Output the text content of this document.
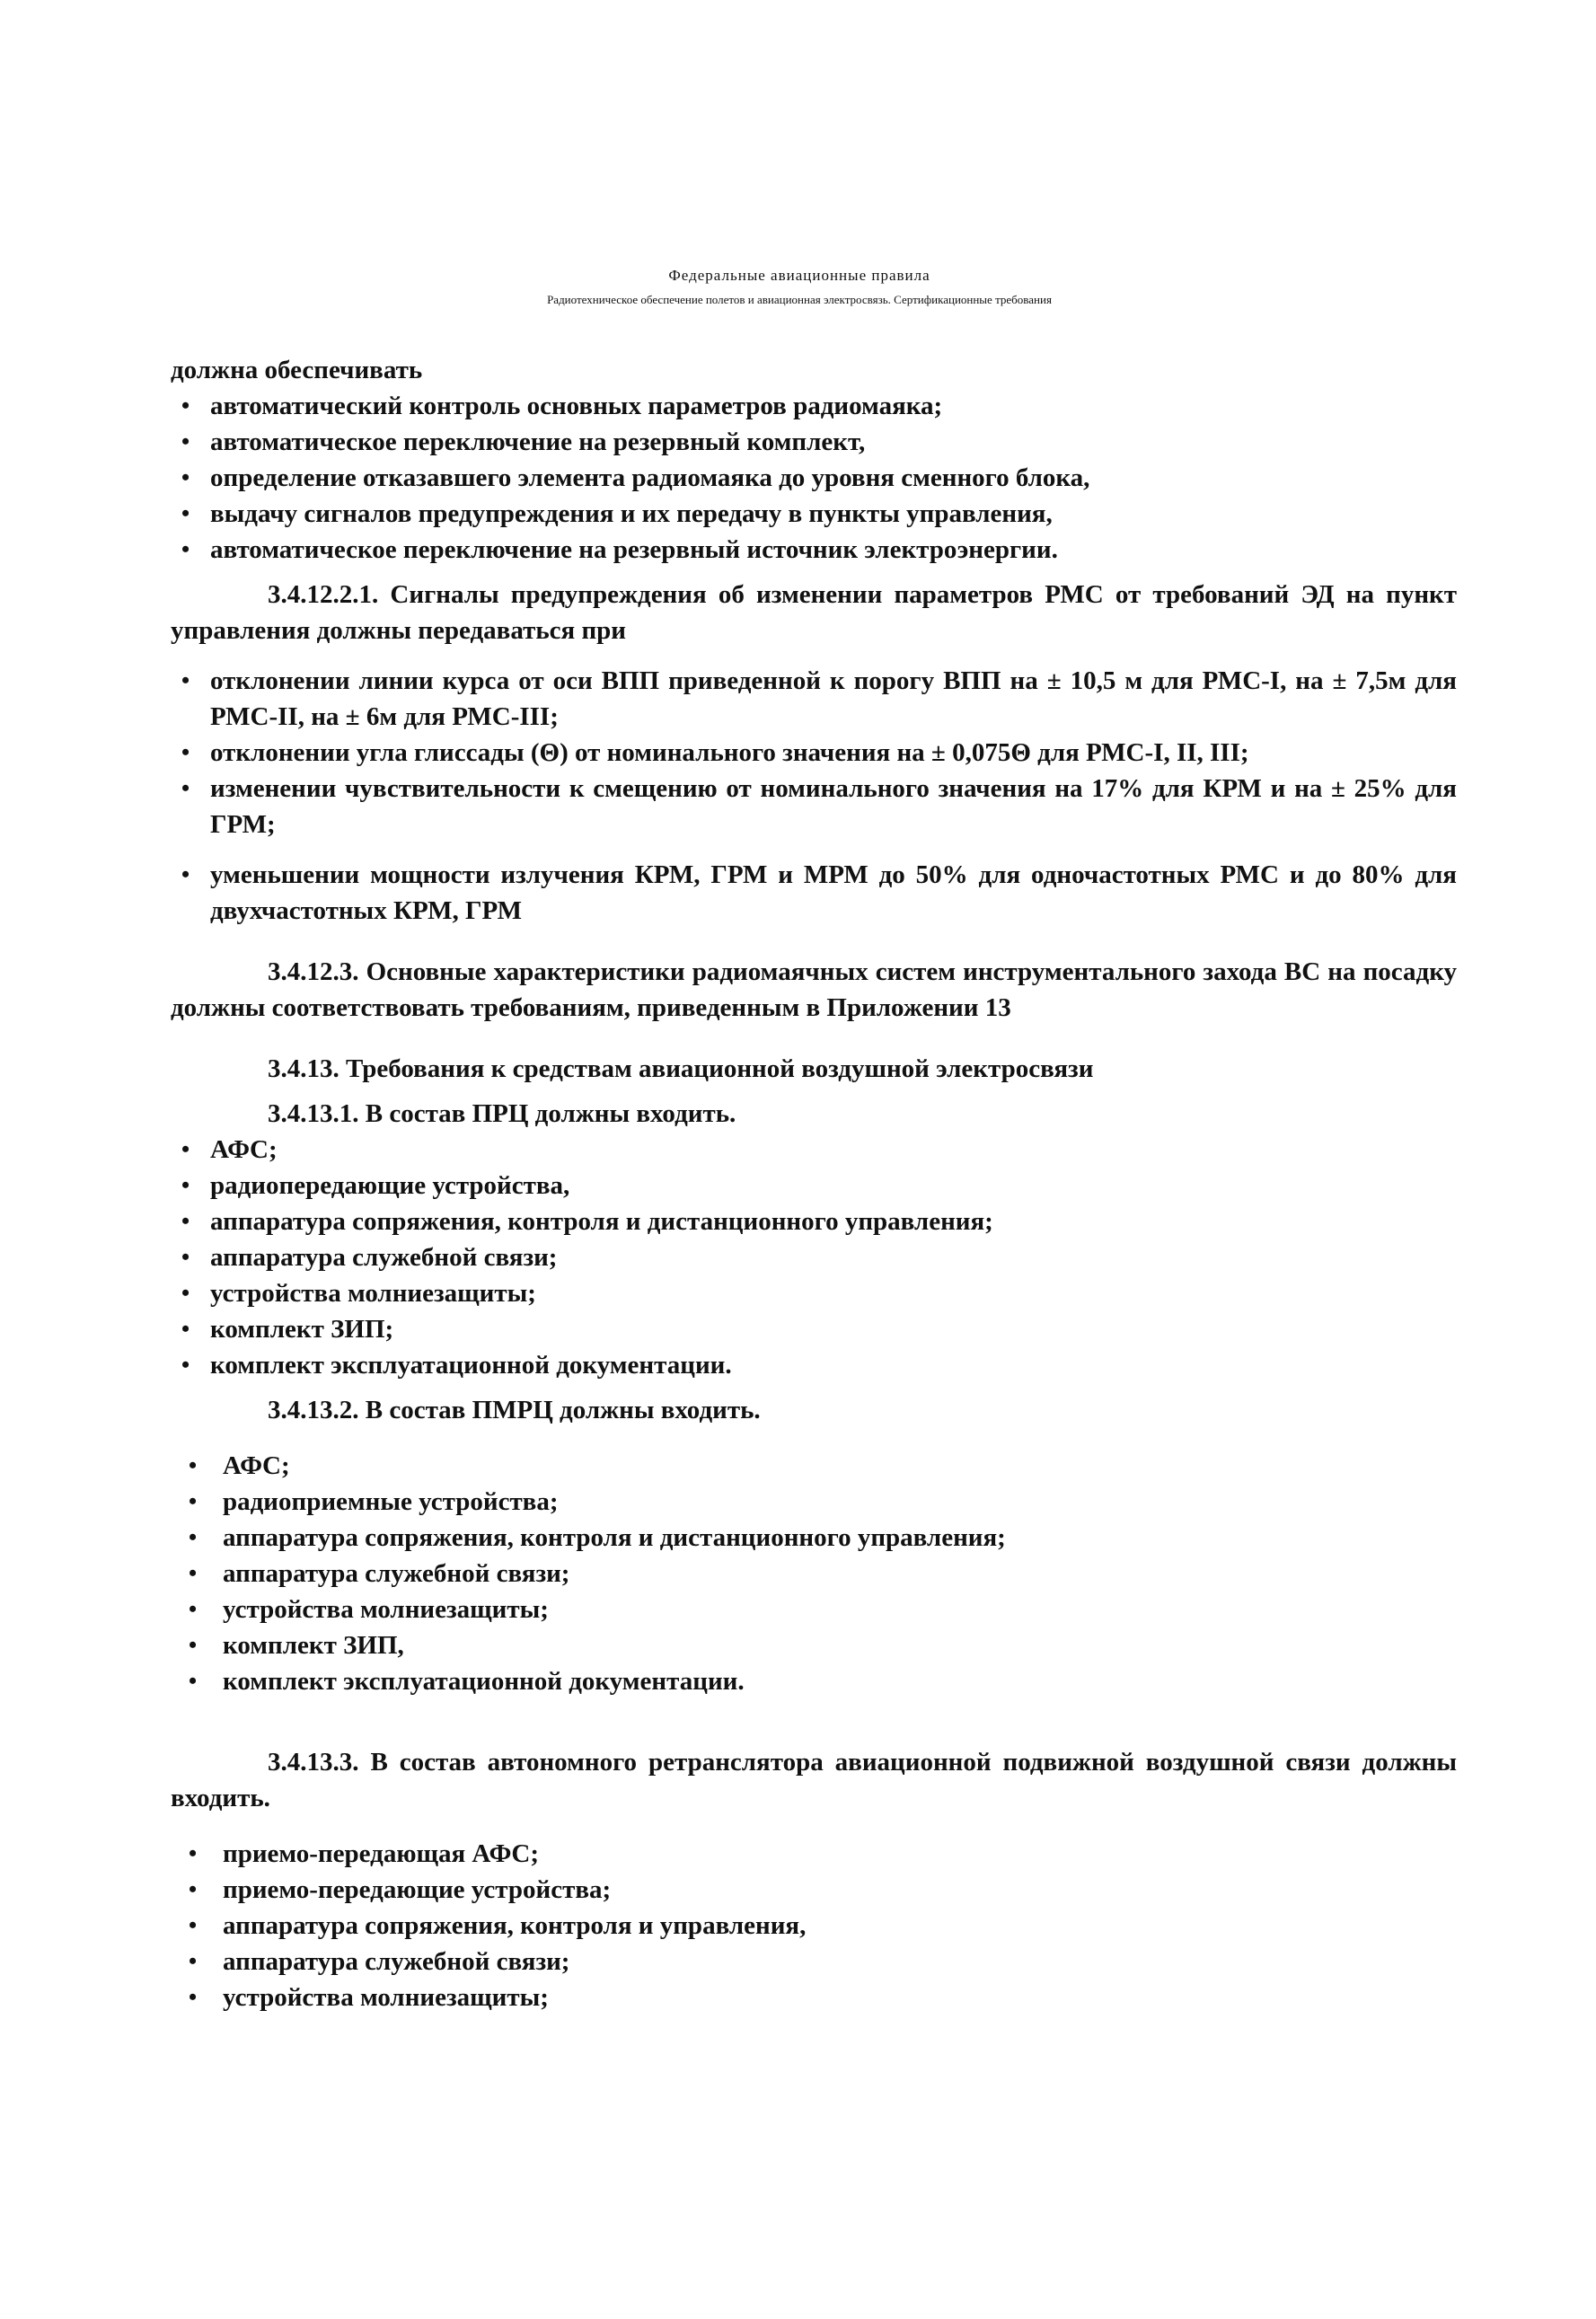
Федеральные авиационные правила
Радиотехническое обеспечение полетов и авиационная электросвязь. Сертификационные требования

должна обеспечивать

• автоматический контроль основных параметров радиомаяка;
• автоматическое переключение на резервный комплект,
• определение отказавшего элемента радиомаяка до уровня сменного блока,
• выдачу сигналов предупреждения и их передачу в пункты управления,
• автоматическое переключение на резервный источник электроэнергии.

3.4.12.2.1. Сигналы предупреждения об изменении параметров РМС от требований ЭД на пункт управления должны передаваться при

• отклонении линии курса от оси ВПП приведенной к порогу ВПП на ± 10,5 м для РМС-I, на ± 7,5м для РМС-II, на ± 6м для РМС-III;
• отклонении угла глиссады (Θ) от номинального значения на ± 0,075Θ для РМС-I, II, III;
• изменении чувствительности к смещению от номинального значения на 17% для КРМ и на ± 25% для ГРМ;
• уменьшении мощности излучения КРМ, ГРМ и МРМ до 50% для одночастотных РМС и до 80% для двухчастотных КРМ, ГРМ

3.4.12.3. Основные характеристики радиомаячных систем инструментального захода ВС на посадку должны соответствовать требованиям, приведенным в Приложении 13

3.4.13. Требования к средствам авиационной воздушной электросвязи

3.4.13.1. В состав ПРЦ должны входить.

• АФС;
• радиопередающие устройства,
• аппаратура сопряжения, контроля и дистанционного управления;
• аппаратура служебной связи;
• устройства молниезащиты;
• комплект ЗИП;
• комплект эксплуатационной документации.

3.4.13.2. В состав ПМРЦ должны входить.

• АФС;
• радиоприемные устройства;
• аппаратура сопряжения, контроля и дистанционного управления;
• аппаратура служебной связи;
• устройства молниезащиты;
• комплект ЗИП,
• комплект эксплуатационной документации.

3.4.13.3. В состав автономного ретранслятора авиационной подвижной воздушной связи должны входить.

• приемо-передающая АФС;
• приемо-передающие устройства;
• аппаратура сопряжения, контроля и управления,
• аппаратура служебной связи;
• устройства молниезащиты;
